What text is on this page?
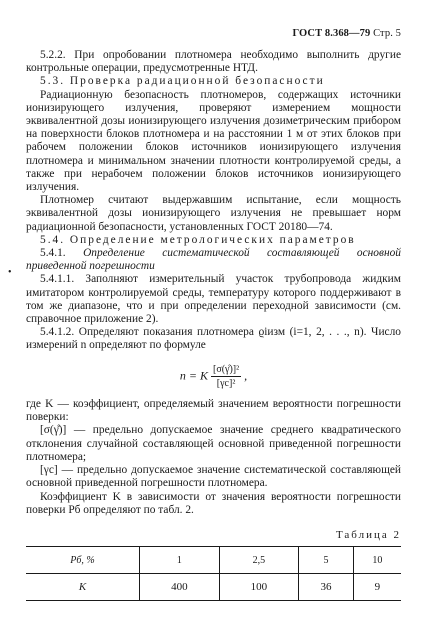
ГОСТ 8.368—79 Стр. 5
•

5.2.2. При опробовании плотномера необходимо выполнить другие контрольные операции, предусмотренные НТД.

5.3. Проверка радиационной безопасности

Радиационную безопасность плотномеров, содержащих источники ионизирующего излучения, проверяют измерением мощности эквивалентной дозы ионизирующего излучения дозиметрическим прибором на поверхности блоков плотномера и на расстоянии 1 м от этих блоков при рабочем положении блоков источников ионизирующего излучения плотномера и минимальном значении плотности контролируемой среды, а также при нерабочем положении блоков источников ионизирующего излучения.

Плотномер считают выдержавшим испытание, если мощность эквивалентной дозы ионизирующего излучения не превышает норм радиационной безопасности, установленных ГОСТ 20180—74.

5.4. Определение метрологических параметров

5.4.1. Определение систематической составляющей основной приведенной погрешности

5.4.1.1. Заполняют измерительный участок трубопровода жидким имитатором контролируемой среды, температуру которого поддерживают в том же диапазоне, что и при определении переходной зависимости (см. справочное приложение 2).

5.4.1.2. Определяют показания плотномера ϱiизм (i=1, 2, . . ., n). Число измерений n определяют по формуле

n = K $\frac{\text{[σ(γ̊)]²}}{\text{[γс]²}}$ ,

где K — коэффициент, определяемый значением вероятности погрешности поверки:

[σ(γ̊)] — предельно допускаемое значение среднего квадратического отклонения случайной составляющей основной приведенной погрешности плотномера;

[γс] — предельно допускаемое значение систематической составляющей основной приведенной погрешности плотномера.

Коэффициент K в зависимости от значения вероятности погрешности поверки Pб определяют по табл. 2.

Таблица 2
Pб, %	1	2,5	5	10
K	400	100	36	9
